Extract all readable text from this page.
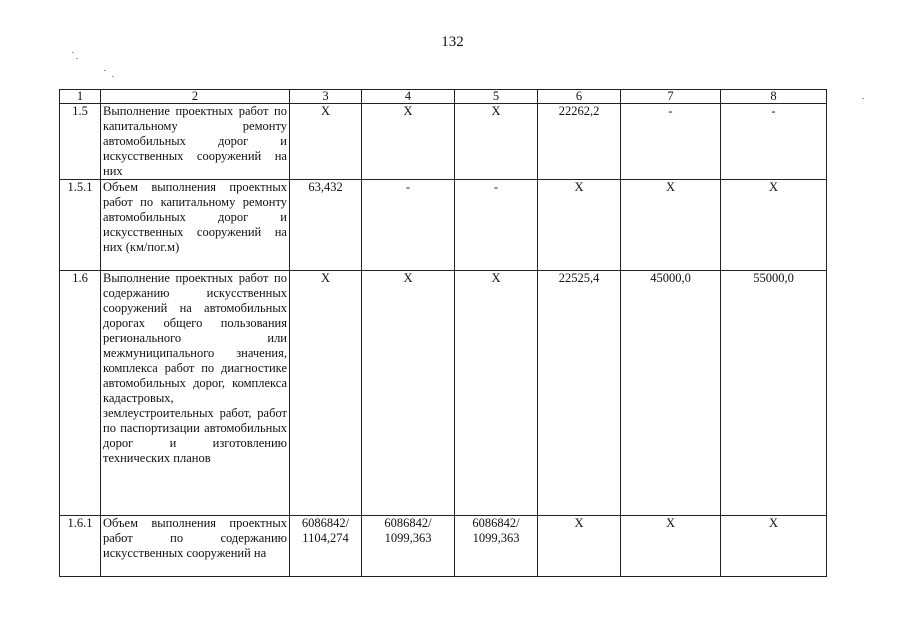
132
1	2	3	4	5	6	7	8
1.5	Выполнение проектных работ по капитальному ремонту автомобильных дорог и искусственных сооружений на них	X	X	X	22262,2	-	-
1.5.1	Объем выполнения проектных работ по капитальному ремонту автомобильных дорог и искусственных сооружений на них (км/пог.м)	63,432	-	-	X	X	X
1.6	Выполнение проектных работ по содержанию искусственных сооружений на автомобильных дорогах общего пользования регионального или межмуниципального значения, комплекса работ по диагностике автомобильных дорог, комплекса кадастровых, землеустроительных работ, работ по паспортизации автомобильных дорог и изготовлению технических планов	X	X	X	22525,4	45000,0	55000,0
1.6.1	Объем выполнения проектных работ по содержанию искусственных сооружений на	6086842/ 1104,274	6086842/ 1099,363	6086842/ 1099,363	X	X	X
